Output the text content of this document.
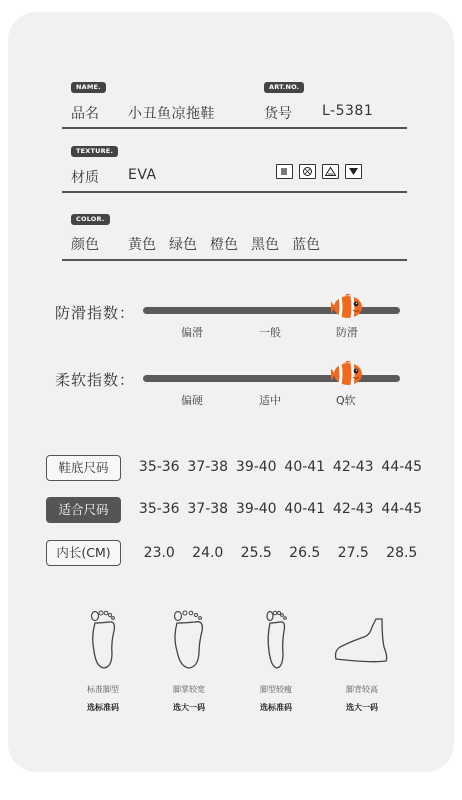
NAME.
品名 小丑鱼凉拖鞋
ART.NO.
货号 L-5381
TEXTURE.
材质 EVA
COLOR.
颜色 黄色 绿色 橙色 黑色 蓝色
防滑指数：
偏滑	一般	防滑
柔软指数：
偏硬	适中	Q软
鞋底尺码	35-36 37-38 39-40 40-41 42-43 44-45
适合尺码	35-36 37-38 39-40 40-41 42-43 44-45
内长(CM)	23.0	24.0	25.5	26.5	27.5	28.5
标准脚型
选标准码
脚掌较宽
选大一码
脚型较瘦
选标准码
脚背较高
选大一码
